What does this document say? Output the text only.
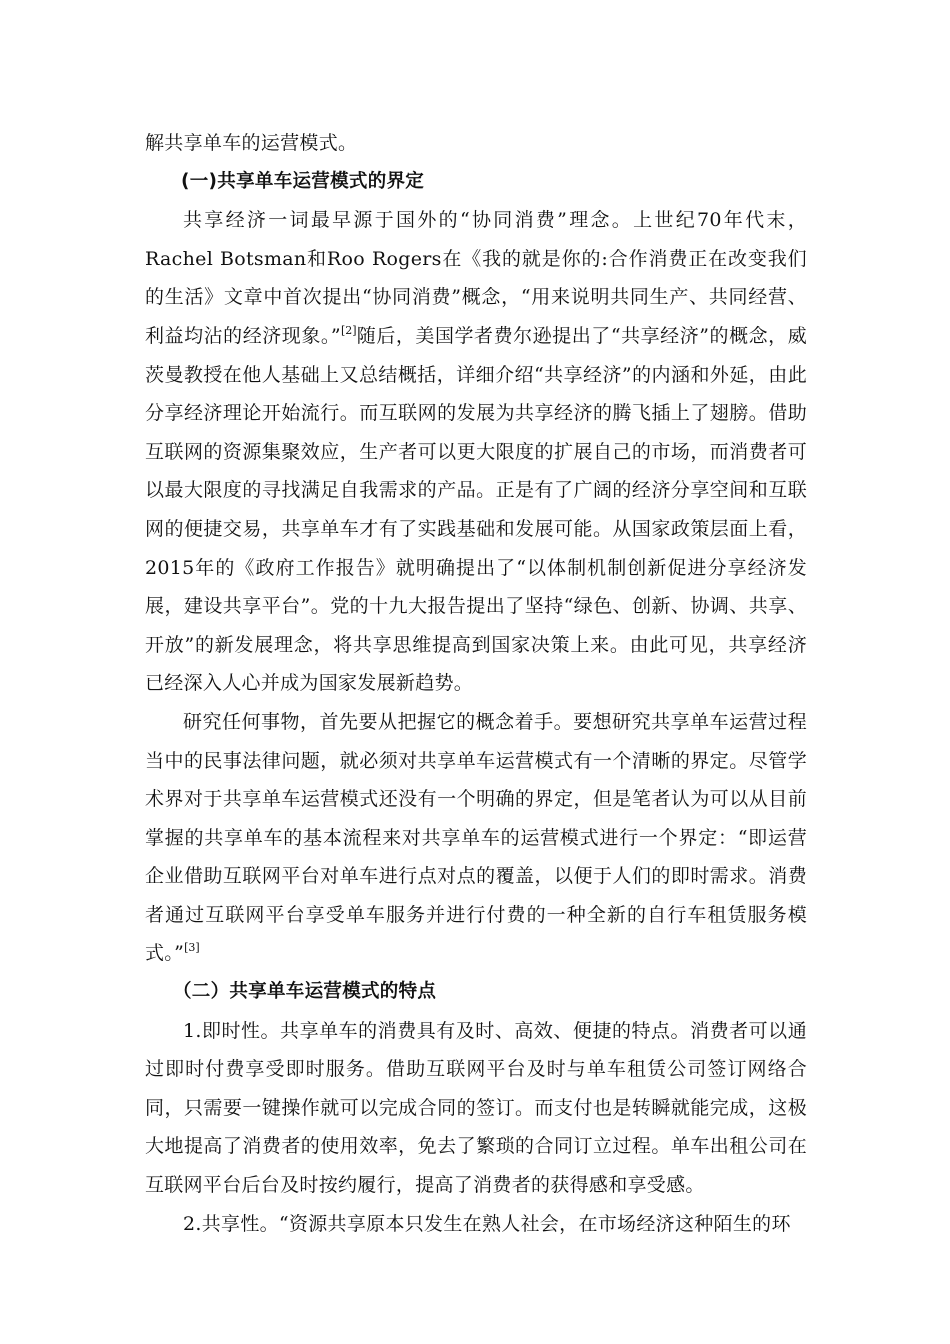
解共享单车的运营模式。

(一)共享单车运营模式的界定

共享经济一词最早源于国外的“协同消费”理念。上世纪70年代末，Rachel Botsman和Roo Rogers在《我的就是你的:合作消费正在改变我们的生活》文章中首次提出“协同消费”概念，“用来说明共同生产、共同经营、利益均沾的经济现象。”[2]随后，美国学者费尔逊提出了“共享经济”的概念，威茨曼教授在他人基础上又总结概括，详细介绍“共享经济”的内涵和外延，由此分享经济理论开始流行。而互联网的发展为共享经济的腾飞插上了翅膀。借助互联网的资源集聚效应，生产者可以更大限度的扩展自己的市场，而消费者可以最大限度的寻找满足自我需求的产品。正是有了广阔的经济分享空间和互联网的便捷交易，共享单车才有了实践基础和发展可能。从国家政策层面上看，2015年的《政府工作报告》就明确提出了“以体制机制创新促进分享经济发展，建设共享平台”。党的十九大报告提出了坚持“绿色、创新、协调、共享、开放”的新发展理念，将共享思维提高到国家决策上来。由此可见，共享经济已经深入人心并成为国家发展新趋势。

研究任何事物，首先要从把握它的概念着手。要想研究共享单车运营过程当中的民事法律问题，就必须对共享单车运营模式有一个清晰的界定。尽管学术界对于共享单车运营模式还没有一个明确的界定，但是笔者认为可以从目前掌握的共享单车的基本流程来对共享单车的运营模式进行一个界定：“即运营企业借助互联网平台对单车进行点对点的覆盖，以便于人们的即时需求。消费者通过互联网平台享受单车服务并进行付费的一种全新的自行车租赁服务模式。”[3]

（二）共享单车运营模式的特点

1.即时性。共享单车的消费具有及时、高效、便捷的特点。消费者可以通过即时付费享受即时服务。借助互联网平台及时与单车租赁公司签订网络合同，只需要一键操作就可以完成合同的签订。而支付也是转瞬就能完成，这极大地提高了消费者的使用效率，免去了繁琐的合同订立过程。单车出租公司在互联网平台后台及时按约履行，提高了消费者的获得感和享受感。

2.共享性。“资源共享原本只发生在熟人社会，在市场经济这种陌生的环
